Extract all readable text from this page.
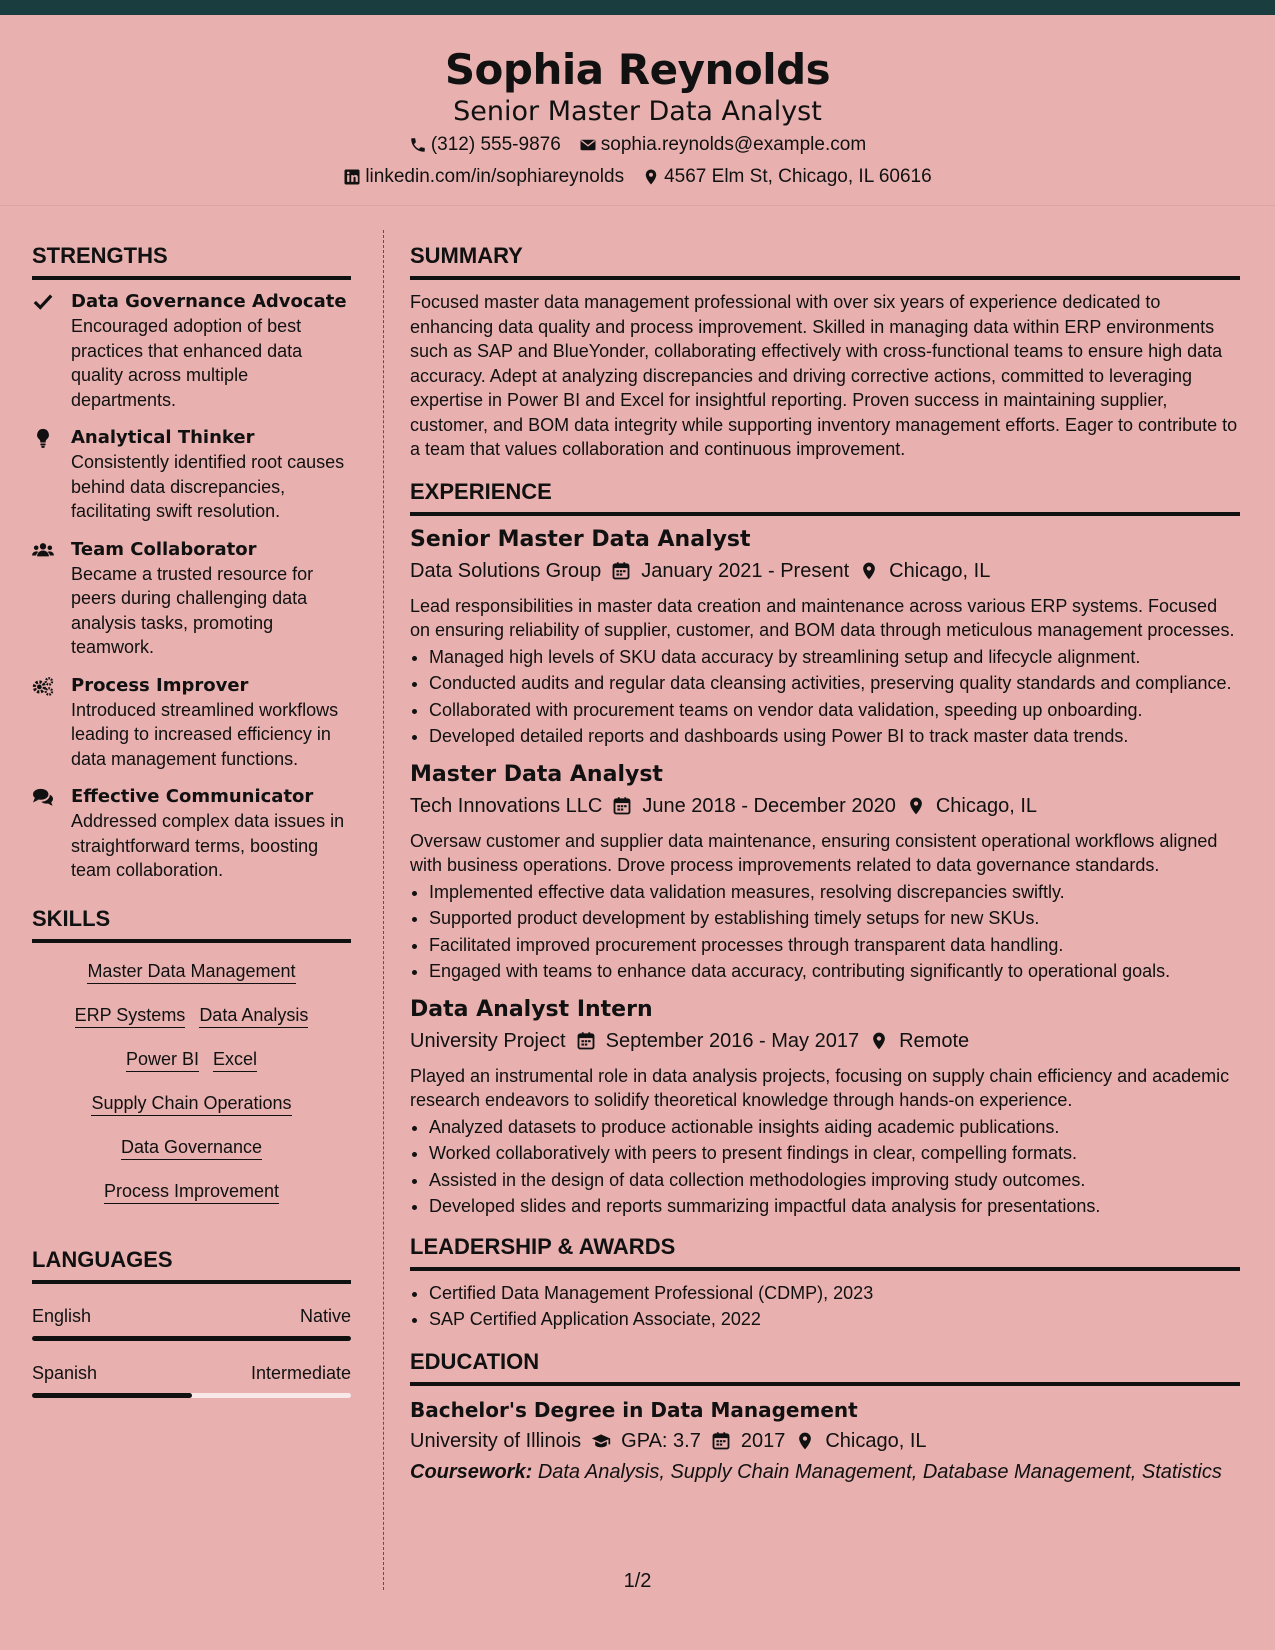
Sophia Reynolds
Senior Master Data Analyst
(312) 555-9876 sophia.reynolds@example.com
linkedin.com/in/sophiareynolds 4567 Elm St, Chicago, IL 60616
STRENGTHS
Data Governance Advocate
Encouraged adoption of best practices that enhanced data quality across multiple departments.
Analytical Thinker
Consistently identified root causes behind data discrepancies, facilitating swift resolution.
Team Collaborator
Became a trusted resource for peers during challenging data analysis tasks, promoting teamwork.
Process Improver
Introduced streamlined workflows leading to increased efficiency in data management functions.
Effective Communicator
Addressed complex data issues in straightforward terms, boosting team collaboration.
SKILLS
Master Data Management
ERP Systems Data Analysis
Power BI Excel
Supply Chain Operations
Data Governance
Process Improvement
LANGUAGES
English	Native
Spanish	Intermediate
SUMMARY
Focused master data management professional with over six years of experience dedicated to enhancing data quality and process improvement. Skilled in managing data within ERP environments such as SAP and BlueYonder, collaborating effectively with cross-functional teams to ensure high data accuracy. Adept at analyzing discrepancies and driving corrective actions, committed to leveraging expertise in Power BI and Excel for insightful reporting. Proven success in maintaining supplier, customer, and BOM data integrity while supporting inventory management efforts. Eager to contribute to a team that values collaboration and continuous improvement.
EXPERIENCE
Senior Master Data Analyst
Data Solutions Group January 2021 - Present Chicago, IL
Lead responsibilities in master data creation and maintenance across various ERP systems. Focused on ensuring reliability of supplier, customer, and BOM data through meticulous management processes.
• Managed high levels of SKU data accuracy by streamlining setup and lifecycle alignment.
• Conducted audits and regular data cleansing activities, preserving quality standards and compliance.
• Collaborated with procurement teams on vendor data validation, speeding up onboarding.
• Developed detailed reports and dashboards using Power BI to track master data trends.
Master Data Analyst
Tech Innovations LLC June 2018 - December 2020 Chicago, IL
Oversaw customer and supplier data maintenance, ensuring consistent operational workflows aligned with business operations. Drove process improvements related to data governance standards.
• Implemented effective data validation measures, resolving discrepancies swiftly.
• Supported product development by establishing timely setups for new SKUs.
• Facilitated improved procurement processes through transparent data handling.
• Engaged with teams to enhance data accuracy, contributing significantly to operational goals.
Data Analyst Intern
University Project September 2016 - May 2017 Remote
Played an instrumental role in data analysis projects, focusing on supply chain efficiency and academic research endeavors to solidify theoretical knowledge through hands-on experience.
• Analyzed datasets to produce actionable insights aiding academic publications.
• Worked collaboratively with peers to present findings in clear, compelling formats.
• Assisted in the design of data collection methodologies improving study outcomes.
• Developed slides and reports summarizing impactful data analysis for presentations.
LEADERSHIP & AWARDS
• Certified Data Management Professional (CDMP), 2023
• SAP Certified Application Associate, 2022
EDUCATION
Bachelor's Degree in Data Management
University of Illinois GPA: 3.7 2017 Chicago, IL
Coursework: Data Analysis, Supply Chain Management, Database Management, Statistics
1/2
